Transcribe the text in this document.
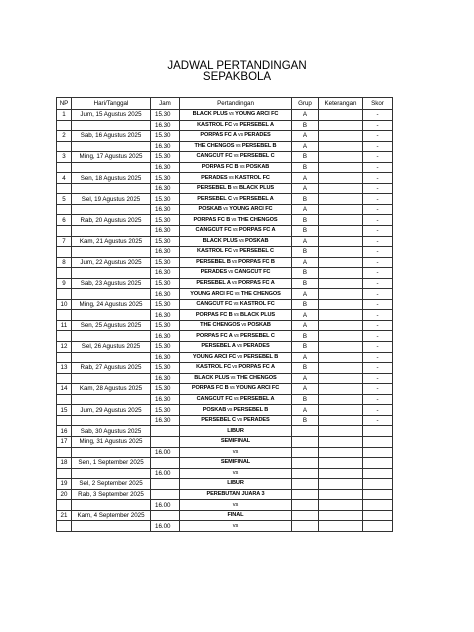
JADWAL PERTANDINGAN
SEPAKBOLA
NP	Hari/Tanggal	Jam	Pertandingan	Grup	Keterangan	Skor
1	Jum, 15 Agustus 2025	15.30	BLACK PLUS vs YOUNG ARCI FC	A		-
		16.30	KASTROL FC vs PERSEBEL A	B		-
2	Sab, 16 Agustus 2025	15.30	PORPAS FC A vs PERADES	A		-
		16.30	THE CHENGOS vs PERSEBEL B	A		-
3	Ming, 17 Agustus 2025	15.30	CANGCUT FC vs PERSEBEL C	B		-
		16.30	PORPAS FC B vs POSKAB	B		-
4	Sen, 18 Agustus 2025	15.30	PERADES vs KASTROL FC	A		-
		16.30	PERSEBEL B vs BLACK PLUS	A		-
5	Sel, 19 Agustus 2025	15.30	PERSEBEL C vs PERSEBEL A	B		-
		16.30	POSKAB vs YOUNG ARCI FC	A		-
6	Rab, 20 Agustus 2025	15.30	PORPAS FC B vs THE CHENGOS	B		-
		16.30	CANGCUT FC vs PORPAS FC A	B		-
7	Kam, 21 Agustus 2025	15.30	BLACK PLUS vs POSKAB	A		-
		16.30	KASTROL FC vs PERSEBEL C	B		-
8	Jum, 22 Agustus 2025	15.30	PERSEBEL B vs PORPAS FC B	A		-
		16.30	PERADES vs CANGCUT FC	B		-
9	Sab, 23 Agustus 2025	15.30	PERSEBEL A vs PORPAS FC A	B		-
		16.30	YOUNG ARCI FC vs THE CHENGOS	A		-
10	Ming, 24 Agustus 2025	15.30	CANGCUT FC vs KASTROL FC	B		-
		16.30	PORPAS FC B vs BLACK PLUS	A		-
11	Sen, 25 Agustus 2025	15.30	THE CHENGOS vs POSKAB	A		-
		16.30	PORPAS FC A vs PERSEBEL C	B		-
12	Sel, 26 Agustus 2025	15.30	PERSEBEL A vs PERADES	B		-
		16.30	YOUNG ARCI FC vs PERSEBEL B	A		-
13	Rab, 27 Agustus 2025	15.30	KASTROL FC vs PORPAS FC A	B		-
		16.30	BLACK PLUS vs THE CHENGOS	A		-
14	Kam, 28 Agustus 2025	15.30	PORPAS FC B vs YOUNG ARCI FC	A		-
		16.30	CANGCUT FC vs PERSEBEL A	B		-
15	Jum, 29 Agustus 2025	15.30	POSKAB vs PERSEBEL B	A		-
		16.30	PERSEBEL C vs PERADES	B		-
16	Sab, 30 Agustus 2025		LIBUR			
17	Ming, 31 Agustus 2025		SEMIFINAL			
		16.00	vs			
18	Sen, 1 September 2025		SEMIFINAL			
		16.00	vs			
19	Sel, 2 September 2025		LIBUR			
20	Rab, 3 September 2025		PEREBUTAN JUARA 3			
		16.00	vs			
21	Kam, 4 September 2025		FINAL			
		16.00	vs			
